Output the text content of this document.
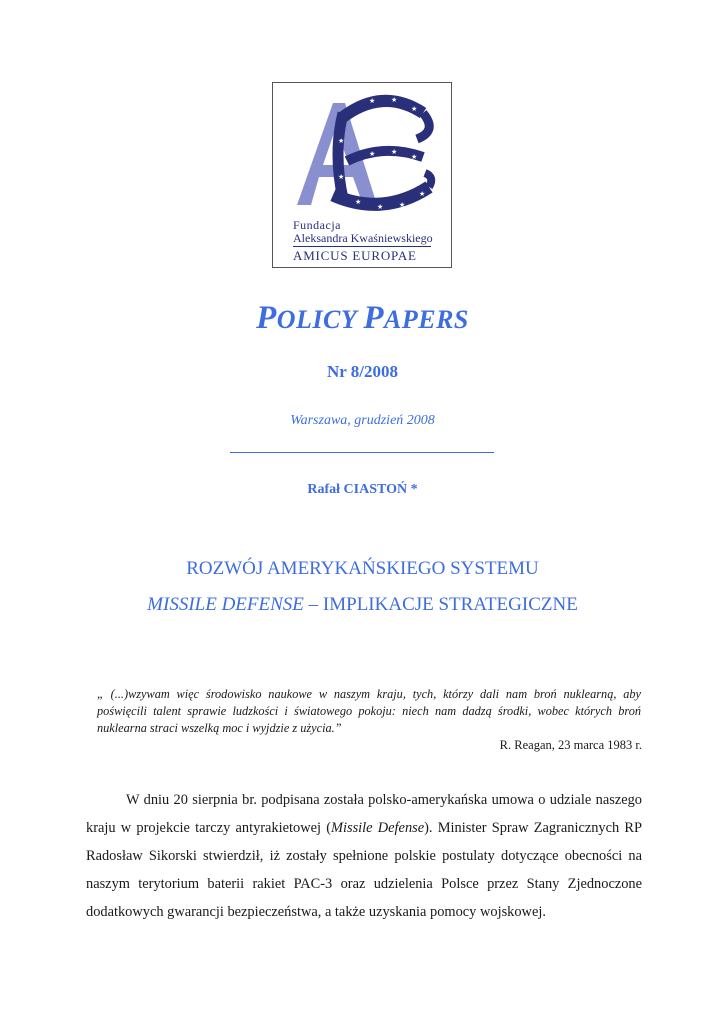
★ ★
★
★ ★
★
★
★ ★
★
★
★
Fundacja
Aleksandra Kwaśniewskiego
AMICUS EUROPAE
POLICY PAPERS
Nr 8/2008
Warszawa, grudzień 2008
Rafał CIASTOŃ *
ROZWÓJ AMERYKAŃSKIEGO SYSTEMU
MISSILE DEFENSE – IMPLIKACJE STRATEGICZNE
„ (...)wzywam więc środowisko naukowe w naszym kraju, tych, którzy dali nam broń nuklearną, aby poświęcili talent sprawie ludzkości i światowego pokoju: niech nam dadzą środki, wobec których broń nuklearna straci wszelką moc i wyjdzie z użycia.”
R. Reagan, 23 marca 1983 r.
W dniu 20 sierpnia br. podpisana została polsko-amerykańska umowa o udziale naszego kraju w projekcie tarczy antyrakietowej (Missile Defense). Minister Spraw Zagranicznych RP Radosław Sikorski stwierdził, iż zostały spełnione polskie postulaty dotyczące obecności na naszym terytorium baterii rakiet PAC-3 oraz udzielenia Polsce przez Stany Zjednoczone dodatkowych gwarancji bezpieczeństwa, a także uzyskania pomocy wojskowej.
